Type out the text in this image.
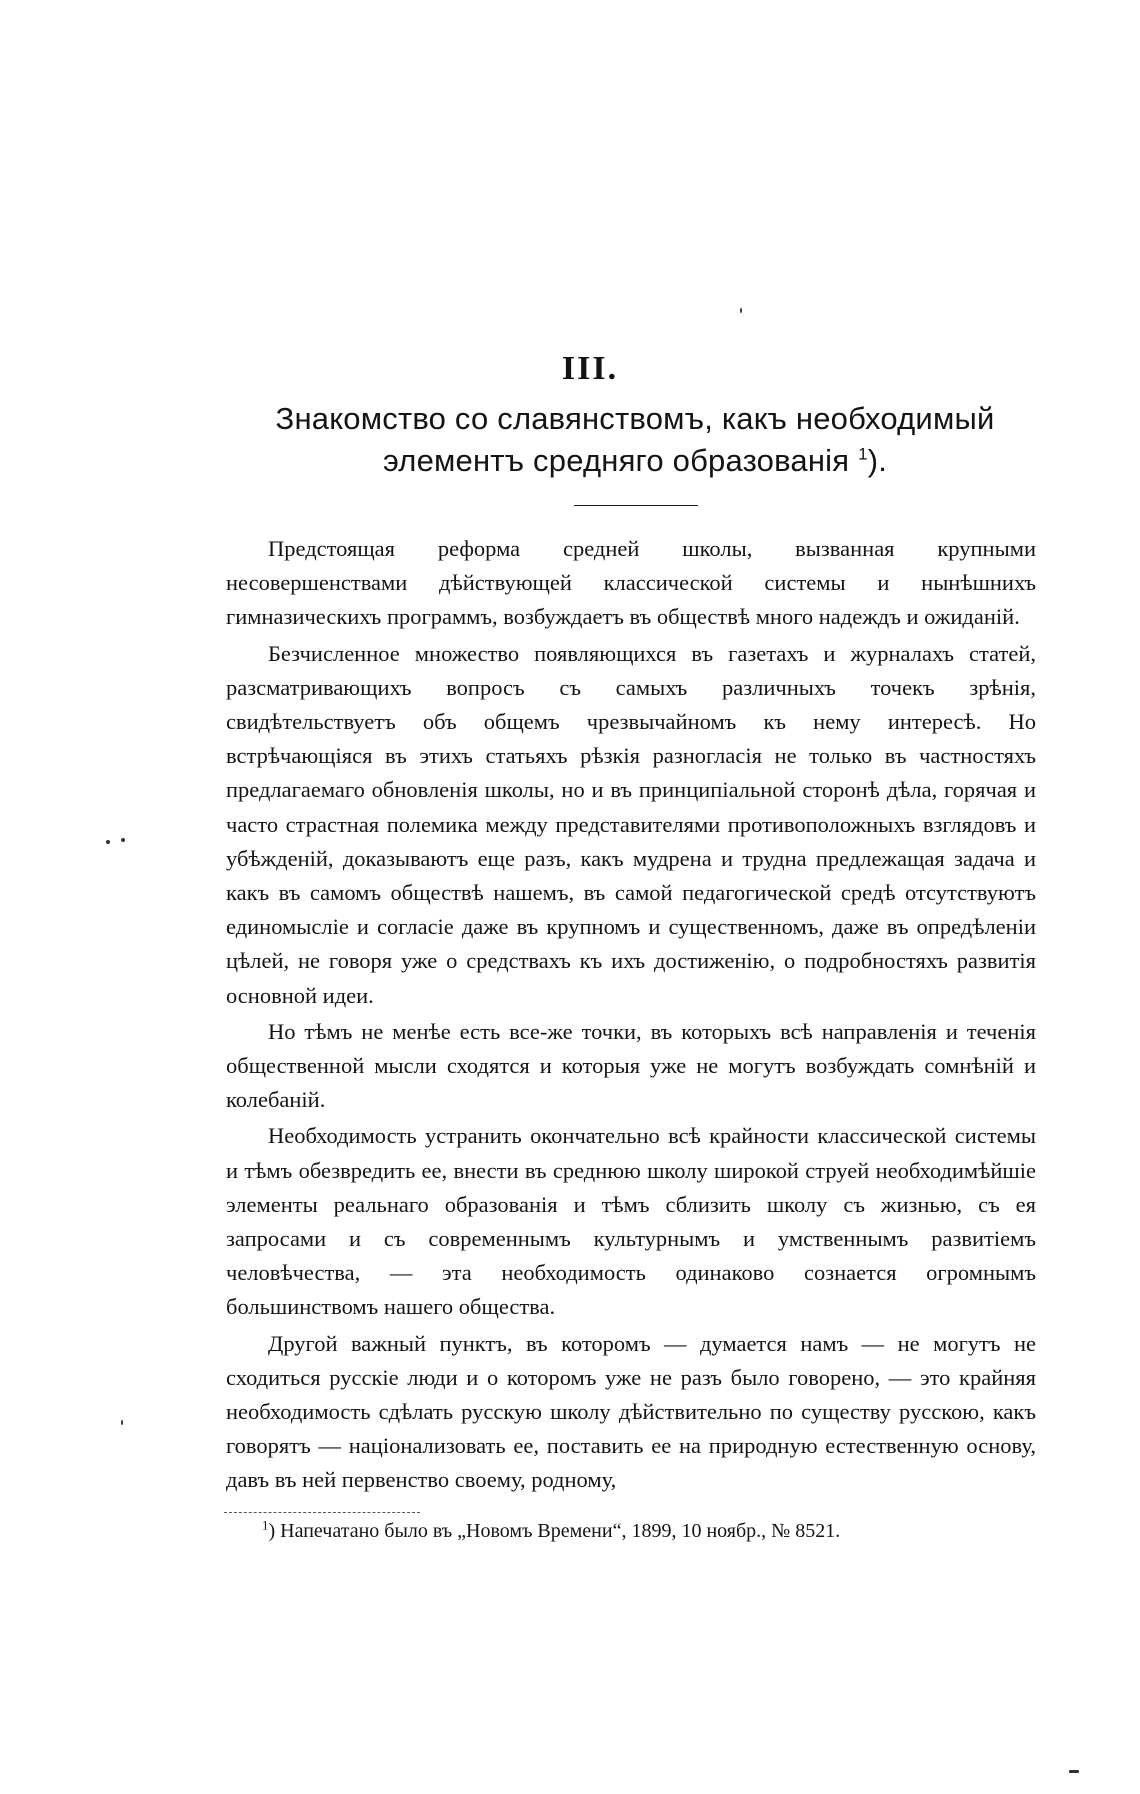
III.
Знакомство со славянствомъ, какъ необходимый элементъ средняго образованія $^1$).

Предстоящая реформа средней школы, вызванная крупными несовершенствами дѣйствующей классической системы и нынѣшнихъ гимназическихъ программъ, возбуждаетъ въ обществѣ много надеждъ и ожиданій.

Безчисленное множество появляющихся въ газетахъ и журналахъ статей, разсматривающихъ вопросъ съ самыхъ различныхъ точекъ зрѣнія, свидѣтельствуетъ объ общемъ чрезвычайномъ къ нему интересѣ. Но встрѣчающіяся въ этихъ статьяхъ рѣзкія разногласія не только въ частностяхъ предлагаемаго обновленія школы, но и въ принципіальной сторонѣ дѣла, горячая и часто страстная полемика между представителями противоположныхъ взглядовъ и убѣжденій, доказываютъ еще разъ, какъ мудрена и трудна предлежащая задача и какъ въ самомъ обществѣ нашемъ, въ самой педагогической средѣ отсутствуютъ единомысліе и согласіе даже въ крупномъ и существенномъ, даже въ опредѣленіи цѣлей, не говоря уже о средствахъ къ ихъ достиженію, о подробностяхъ развитія основной идеи.

Но тѣмъ не менѣе есть все-же точки, въ которыхъ всѣ направленія и теченія общественной мысли сходятся и которыя уже не могутъ возбуждать сомнѣній и колебаній.

Необходимость устранить окончательно всѣ крайности классической системы и тѣмъ обезвредить ее, внести въ среднюю школу широкой струей необходимѣйшіе элементы реальнаго образованія и тѣмъ сблизить школу съ жизнью, съ ея запросами и съ современнымъ культурнымъ и умственнымъ развитіемъ человѣчества, — эта необходимость одинаково сознается огромнымъ большинствомъ нашего общества.

Другой важный пунктъ, въ которомъ — думается намъ — не могутъ не сходиться русскіе люди и о которомъ уже не разъ было говорено, — это крайняя необходимость сдѣлать русскую школу дѣйствительно по существу русскою, какъ говорятъ — націонализовать ее, поставить ее на природную естественную основу, давъ въ ней первенство своему, родному,

$^1$) Напечатано было въ „Новомъ Времени“, 1899, 10 ноябр., № 8521.
